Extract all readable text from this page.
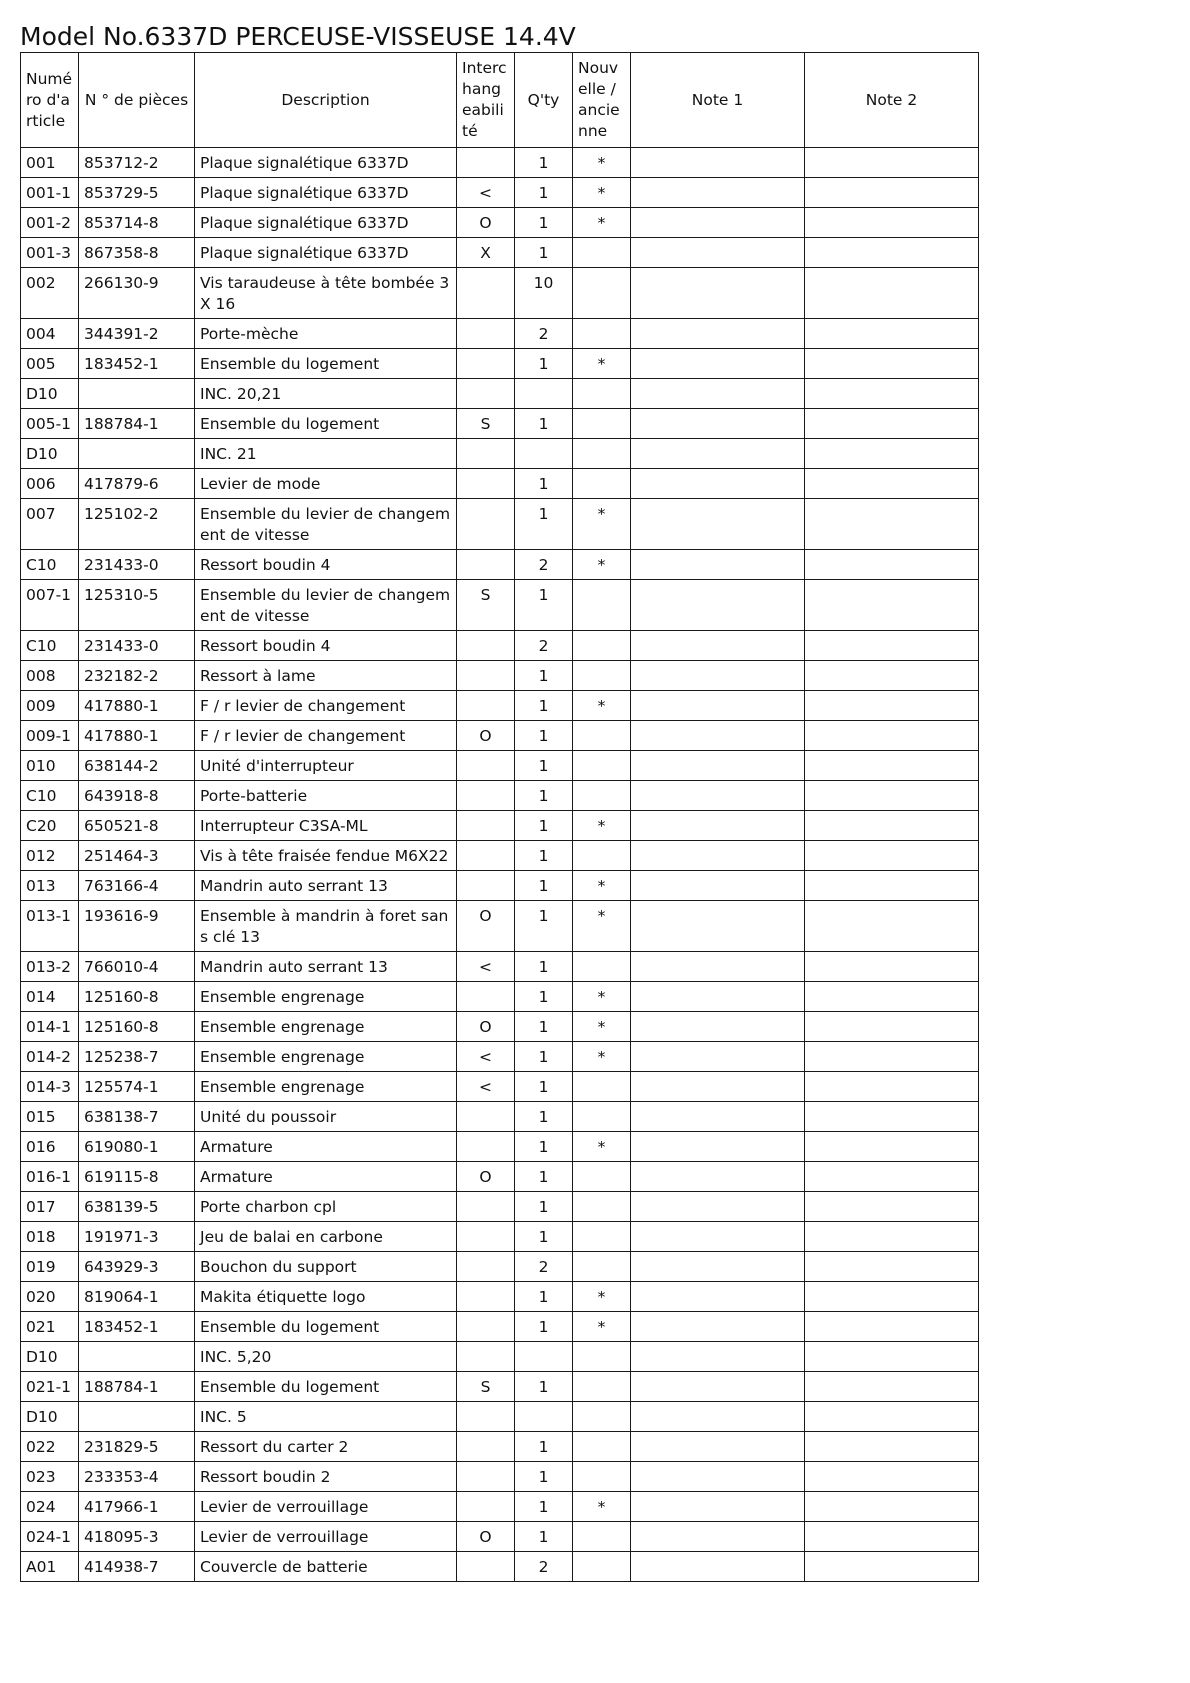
Model No.6337D PERCEUSE-VISSEUSE 14.4V
Numéro d'article	N ° de pièces	Description	Interchangeabilité	Q'ty	Nouvelle / ancienne	Note 1	Note 2
001	853712-2	Plaque signalétique 6337D		1	*		
001-1	853729-5	Plaque signalétique 6337D	<	1	*		
001-2	853714-8	Plaque signalétique 6337D	O	1	*		
001-3	867358-8	Plaque signalétique 6337D	X	1			
002	266130-9	Vis taraudeuse à tête bombée 3X 16		10			
004	344391-2	Porte-mèche		2			
005	183452-1	Ensemble du logement		1	*		
D10		INC. 20,21					
005-1	188784-1	Ensemble du logement	S	1			
D10		INC. 21					
006	417879-6	Levier de mode		1			
007	125102-2	Ensemble du levier de changem ent de vitesse		1	*		
C10	231433-0	Ressort boudin 4		2	*		
007-1	125310-5	Ensemble du levier de changem ent de vitesse	S	1			
C10	231433-0	Ressort boudin 4		2			
008	232182-2	Ressort à lame		1			
009	417880-1	F / r levier de changement		1	*		
009-1	417880-1	F / r levier de changement	O	1			
010	638144-2	Unité d'interrupteur		1			
C10	643918-8	Porte-batterie		1			
C20	650521-8	Interrupteur C3SA-ML		1	*		
012	251464-3	Vis à tête fraisée fendue M6X22		1			
013	763166-4	Mandrin auto serrant 13		1	*		
013-1	193616-9	Ensemble à mandrin à foret sans clé 13	O	1	*		
013-2	766010-4	Mandrin auto serrant 13	<	1			
014	125160-8	Ensemble engrenage		1	*		
014-1	125160-8	Ensemble engrenage	O	1	*		
014-2	125238-7	Ensemble engrenage	<	1	*		
014-3	125574-1	Ensemble engrenage	<	1			
015	638138-7	Unité du poussoir		1			
016	619080-1	Armature		1	*		
016-1	619115-8	Armature	O	1			
017	638139-5	Porte charbon cpl		1			
018	191971-3	Jeu de balai en carbone		1			
019	643929-3	Bouchon du support		2			
020	819064-1	Makita étiquette logo		1	*		
021	183452-1	Ensemble du logement		1	*		
D10		INC. 5,20					
021-1	188784-1	Ensemble du logement	S	1			
D10		INC. 5					
022	231829-5	Ressort du carter 2		1			
023	233353-4	Ressort boudin 2		1			
024	417966-1	Levier de verrouillage		1	*		
024-1	418095-3	Levier de verrouillage	O	1			
A01	414938-7	Couvercle de batterie		2			
